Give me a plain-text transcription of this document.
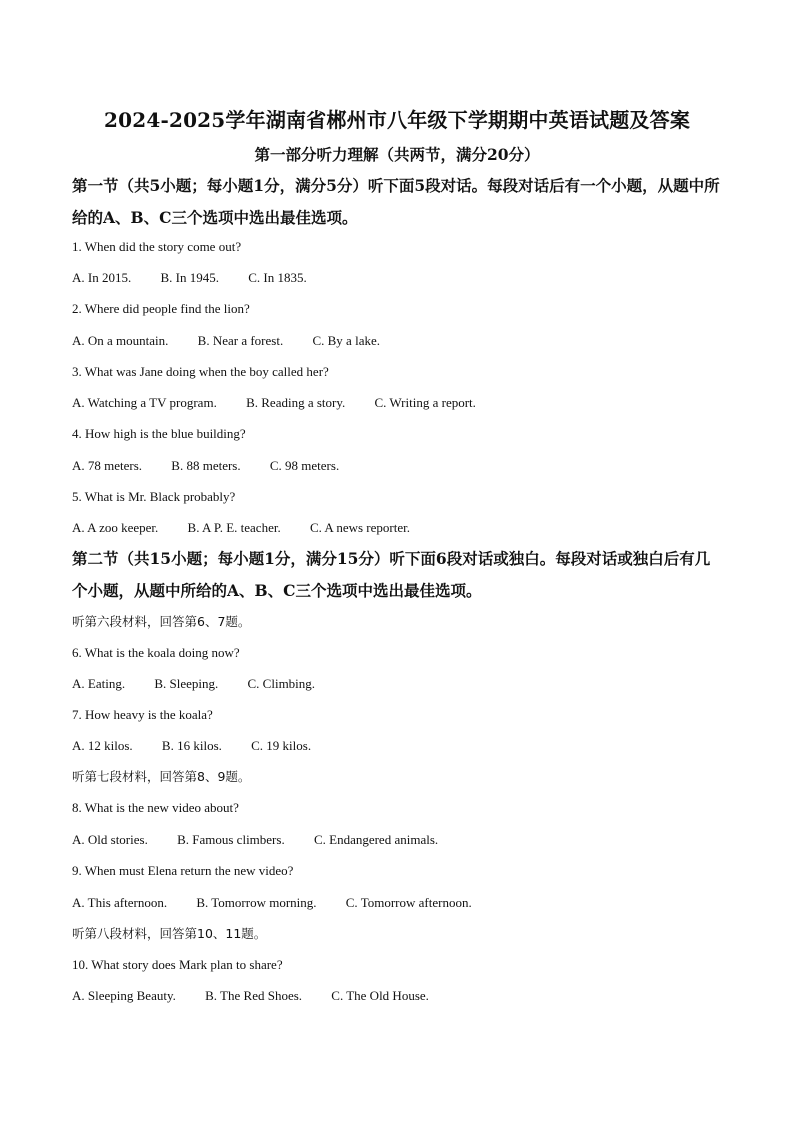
2024-2025学年湖南省郴州市八年级下学期期中英语试题及答案
第一部分听力理解（共两节，满分20分）
第一节（共5小题；每小题1分，满分5分）听下面5段对话。每段对话后有一个小题，从题中所给的A、B、C三个选项中选出最佳选项。
1. When did the story come out?
A. In 2015. B. In 1945. C. In 1835.
2. Where did people find the lion?
A. On a mountain. B. Near a forest. C. By a lake.
3. What was Jane doing when the boy called her?
A. Watching a TV program. B. Reading a story. C. Writing a report.
4. How high is the blue building?
A. 78 meters. B. 88 meters. C. 98 meters.
5. What is Mr. Black probably?
A. A zoo keeper. B. A P. E. teacher. C. A news reporter.
第二节（共15小题；每小题1分，满分15分）听下面6段对话或独白。每段对话或独白后有几个小题，从题中所给的A、B、C三个选项中选出最佳选项。
听第六段材料，回答第6、7题。
6. What is the koala doing now?
A. Eating. B. Sleeping. C. Climbing.
7. How heavy is the koala?
A. 12 kilos. B. 16 kilos. C. 19 kilos.
听第七段材料，回答第8、9题。
8. What is the new video about?
A. Old stories. B. Famous climbers. C. Endangered animals.
9. When must Elena return the new video?
A. This afternoon. B. Tomorrow morning. C. Tomorrow afternoon.
听第八段材料，回答第10、11题。
10. What story does Mark plan to share?
A. Sleeping Beauty. B. The Red Shoes. C. The Old House.
